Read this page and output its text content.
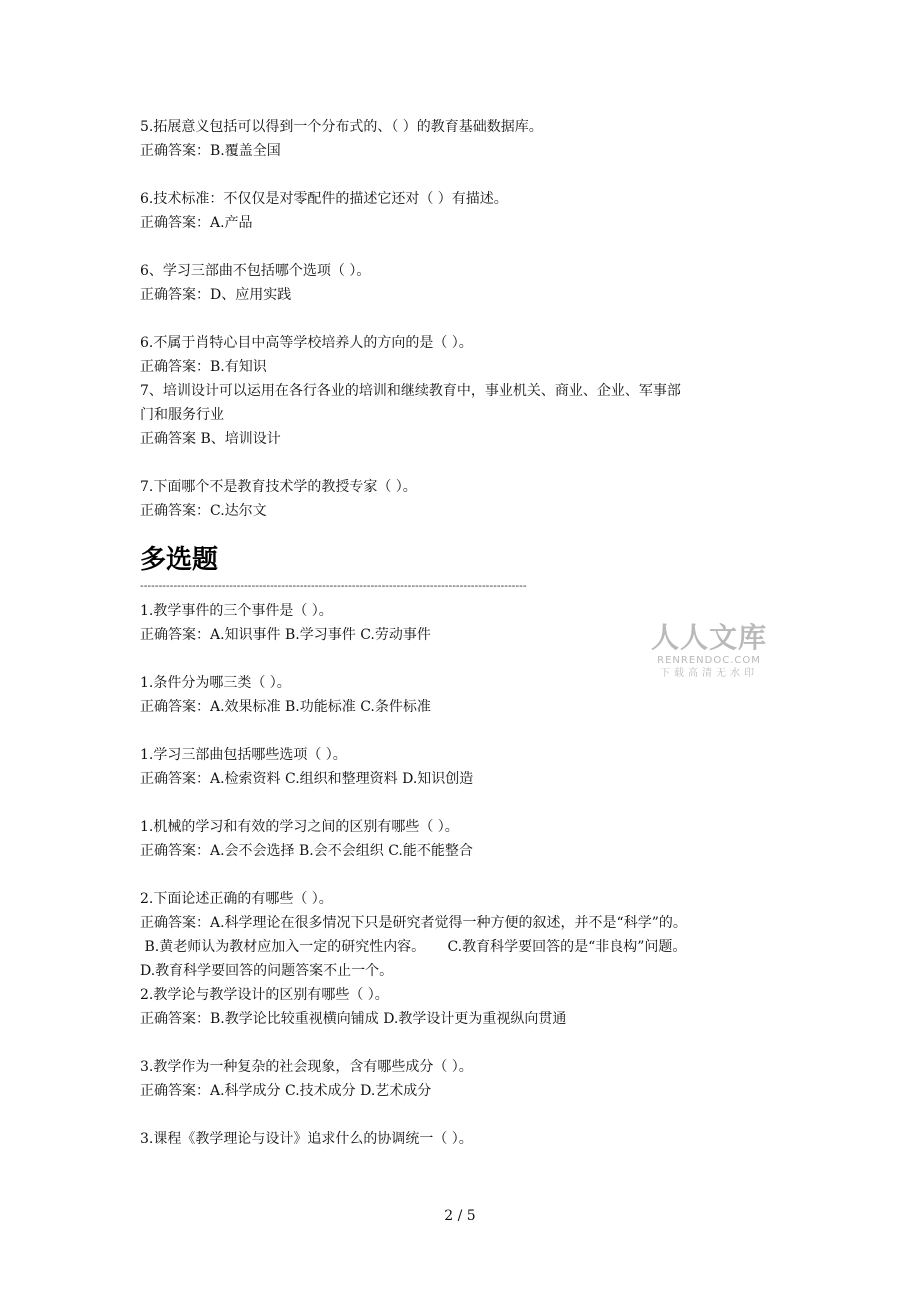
5.拓展意义包括可以得到一个分布式的、（ ）的教育基础数据库。

正确答案：B.覆盖全国

6.技术标准：不仅仅是对零配件的描述它还对（ ）有描述。

正确答案：A.产品

6、学习三部曲不包括哪个选项（ ）。

正确答案：D、应用实践

6.不属于肖特心目中高等学校培养人的方向的是（ ）。

正确答案：B.有知识

7、培训设计可以运用在各行各业的培训和继续教育中，事业机关、商业、企业、军事部

门和服务行业

正确答案 B、培训设计

7.下面哪个不是教育技术学的教授专家（ ）。

正确答案：C.达尔文

多选题
--------------------------------------------------------------------------------------------------------

1.教学事件的三个事件是（ ）。

正确答案：A.知识事件 B.学习事件 C.劳动事件

1.条件分为哪三类（ ）。

正确答案：A.效果标准 B.功能标准 C.条件标准

1.学习三部曲包括哪些选项（ ）。

正确答案：A.检索资料 C.组织和整理资料 D.知识创造

1.机械的学习和有效的学习之间的区别有哪些（ ）。

正确答案：A.会不会选择 B.会不会组织 C.能不能整合

2.下面论述正确的有哪些（ ）。

正确答案：A.科学理论在很多情况下只是研究者觉得一种方便的叙述，并不是“科学”的。

B.黄老师认为教材应加入一定的研究性内容。     C.教育科学要回答的是“非良构”问题。

D.教育科学要回答的问题答案不止一个。

2.教学论与教学设计的区别有哪些（ ）。

正确答案：B.教学论比较重视横向铺成 D.教学设计更为重视纵向贯通

3.教学作为一种复杂的社会现象，含有哪些成分（ ）。

正确答案：A.科学成分 C.技术成分 D.艺术成分

3.课程《教学理论与设计》追求什么的协调统一（ ）。

人人文库
RENRENDOC.COM
下载高清无水印
2 / 5
